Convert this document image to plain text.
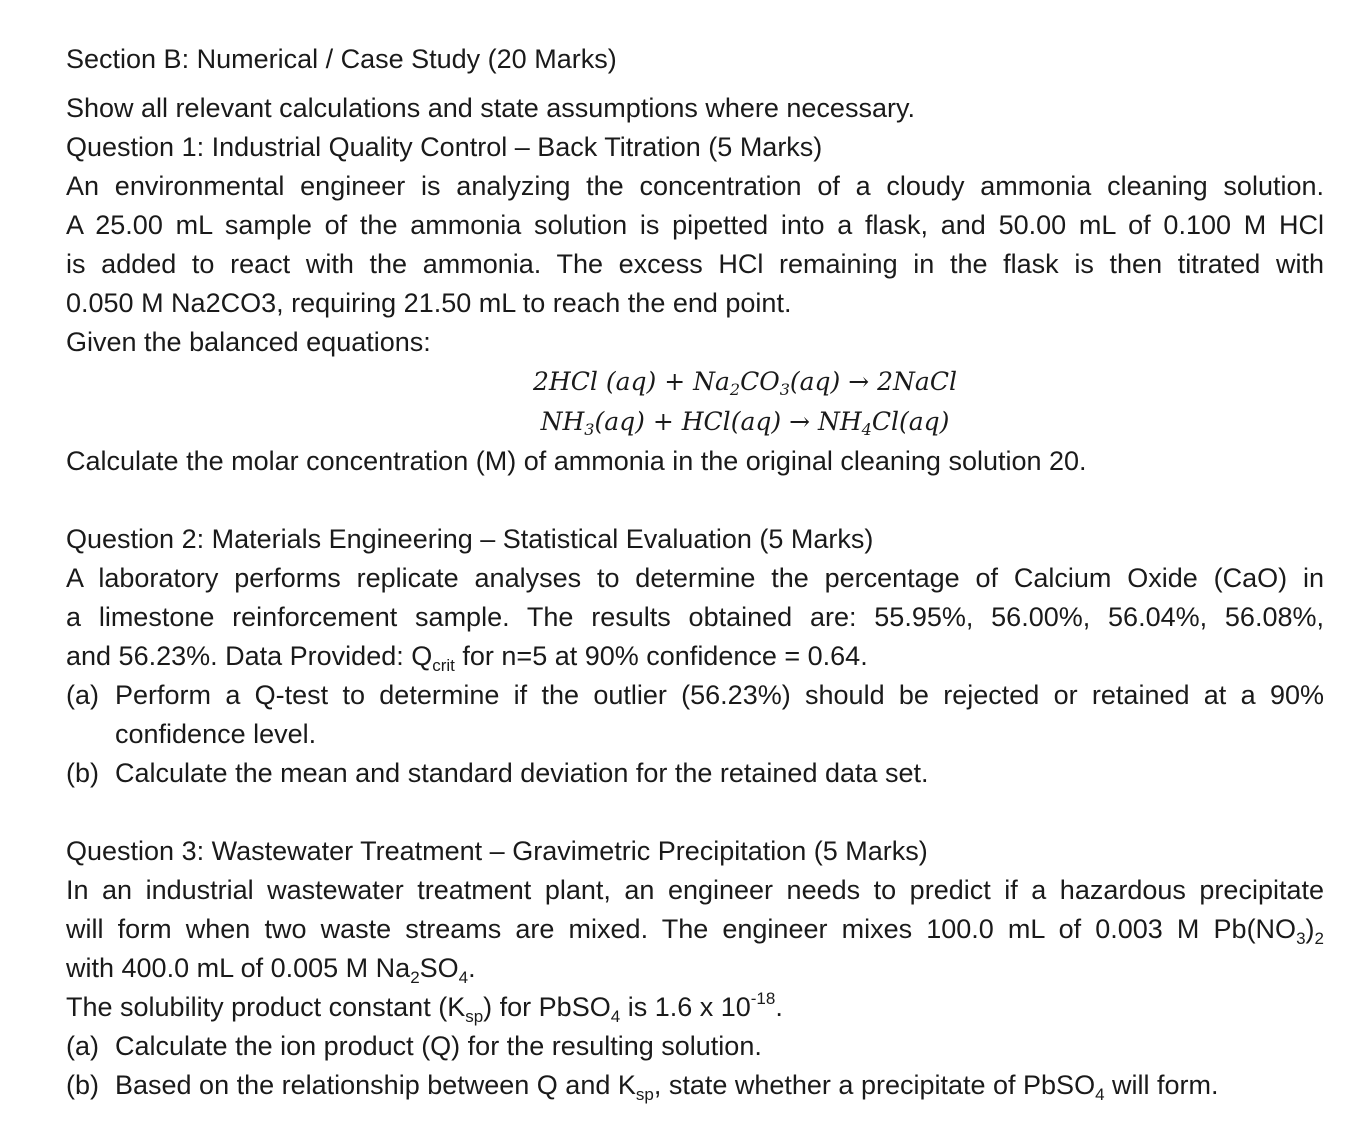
Section B: Numerical / Case Study (20 Marks)
Show all relevant calculations and state assumptions where necessary.
Question 1: Industrial Quality Control – Back Titration (5 Marks)
An environmental engineer is analyzing the concentration of a cloudy ammonia cleaning solution.
A 25.00 mL sample of the ammonia solution is pipetted into a flask, and 50.00 mL of 0.100 M HCl
is added to react with the ammonia. The excess HCl remaining in the flask is then titrated with
0.050 M Na2CO3, requiring 21.50 mL to reach the end point.
Given the balanced equations:
2HCl $(aq) + Na_2CO_3(aq)$ → 2NaCl
$NH_3(aq) + HCl(aq) \to NH_4Cl(aq)$
Calculate the molar concentration (M) of ammonia in the original cleaning solution 20.
Question 2: Materials Engineering – Statistical Evaluation (5 Marks)
A laboratory performs replicate analyses to determine the percentage of Calcium Oxide (CaO) in
a limestone reinforcement sample. The results obtained are: 55.95%, 56.00%, 56.04%, 56.08%,
and 56.23%. Data Provided: $Q_{crit}$ for n=5 at 90% confidence = 0.64.
(a) Perform a Q-test to determine if the outlier (56.23%) should be rejected or retained at a 90% confidence level.
(b) Calculate the mean and standard deviation for the retained data set.
Question 3: Wastewater Treatment – Gravimetric Precipitation (5 Marks)
In an industrial wastewater treatment plant, an engineer needs to predict if a hazardous precipitate
will form when two waste streams are mixed. The engineer mixes 100.0 mL of 0.003 M $Pb(NO_3)_2$
with 400.0 mL of 0.005 M $Na_2SO_4$.
The solubility product constant $(K_{sp})$ for PbSO$_4$ is 1.6 x $10^{-18}$.
(a) Calculate the ion product (Q) for the resulting solution.
(b) Based on the relationship between Q and $K_{sp}$, state whether a precipitate of PbSO$_4$ will form.
